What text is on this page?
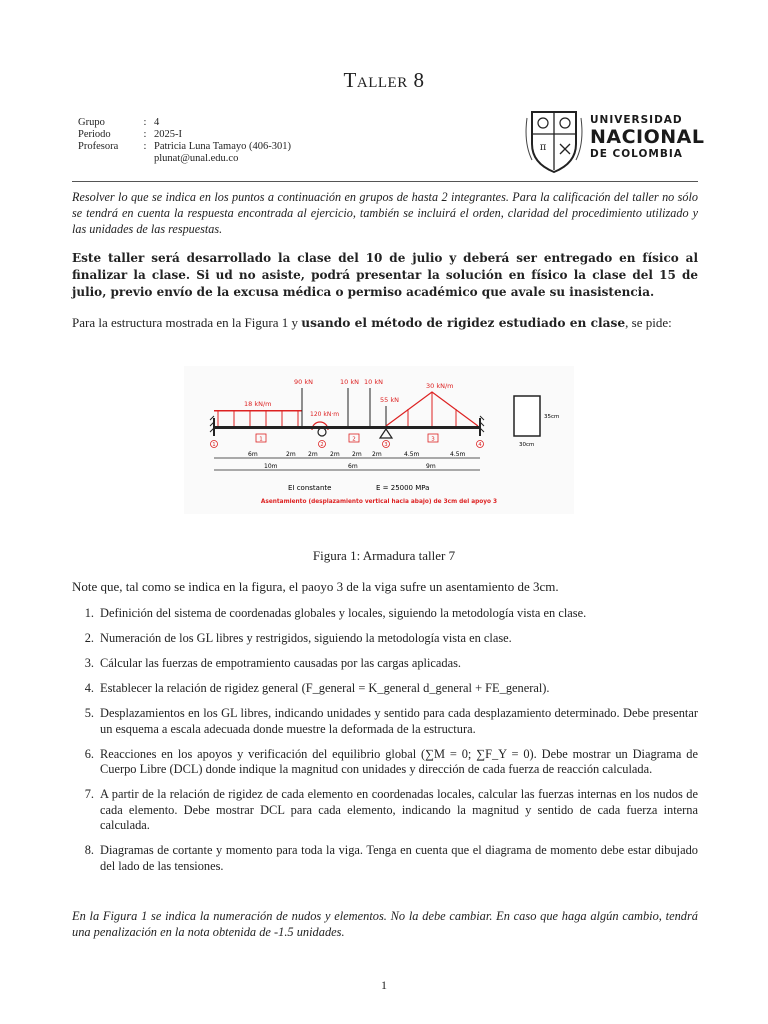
Taller 8
Grupo	: 4
Periodo	: 2025-I
Profesora	: Patricia Luna Tamayo (406-301)
plunat@unal.edu.co
π
UNIVERSIDAD
NACIONAL
DE COLOMBIA

Resolver lo que se indica en los puntos a continuación en grupos de hasta 2 integrantes. Para la calificación del taller no sólo se tendrá en cuenta la respuesta encontrada al ejercicio, también se incluirá el orden, claridad del procedimiento utilizado y las unidades de las respuestas.

Este taller será desarrollado la clase del 10 de julio y deberá ser entregado en físico al finalizar la clase. Si ud no asiste, podrá presentar la solución en físico la clase del 15 de julio, previo envío de la excusa médica o permiso académico que avale su inasistencia.

Para la estructura mostrada en la Figura 1 y usando el método de rigidez estudiado en clase, se pide:

18 kN/m
90 kN
120 kN·m
10 kN 10 kN
55 kN
30 kN/m
1	2	3
1	2	3	4
6m	2m 2m 2m 2m 2m	4.5m	4.5m
10m	6m	9m
35cm
30cm
EI constante	E = 25000 MPa
Asentamiento (desplazamiento vertical hacia abajo) de 3cm del apoyo 3
Figura 1: Armadura taller 7

Note que, tal como se indica en la figura, el paoyo 3 de la viga sufre un asentamiento de 3cm.

1. Definición del sistema de coordenadas globales y locales, siguiendo la metodología vista en clase.
2. Numeración de los GL libres y restrigidos, siguiendo la metodología vista en clase.
3. Cálcular las fuerzas de empotramiento causadas por las cargas aplicadas.
4. Establecer la relación de rigidez general (F_general = K_general d_general + FE_general).
5. Desplazamientos en los GL libres, indicando unidades y sentido para cada desplazamiento determinado. Debe presentar un esquema a escala adecuada donde muestre la deformada de la estructura.
6. Reacciones en los apoyos y verificación del equilibrio global (∑M = 0; ∑F_Y = 0). Debe mostrar un Diagrama de Cuerpo Libre (DCL) donde indique la magnitud con unidades y dirección de cada fuerza de reacción calculada.
7. A partir de la relación de rigidez de cada elemento en coordenadas locales, calcular las fuerzas internas en los nudos de cada elemento. Debe mostrar DCL para cada elemento, indicando la magnitud y sentido de cada fuerza interna calculada.
8. Diagramas de cortante y momento para toda la viga. Tenga en cuenta que el diagrama de momento debe estar dibujado del lado de las tensiones.

En la Figura 1 se indica la numeración de nudos y elementos. No la debe cambiar. En caso que haga algún cambio, tendrá una penalización en la nota obtenida de -1.5 unidades.

1
